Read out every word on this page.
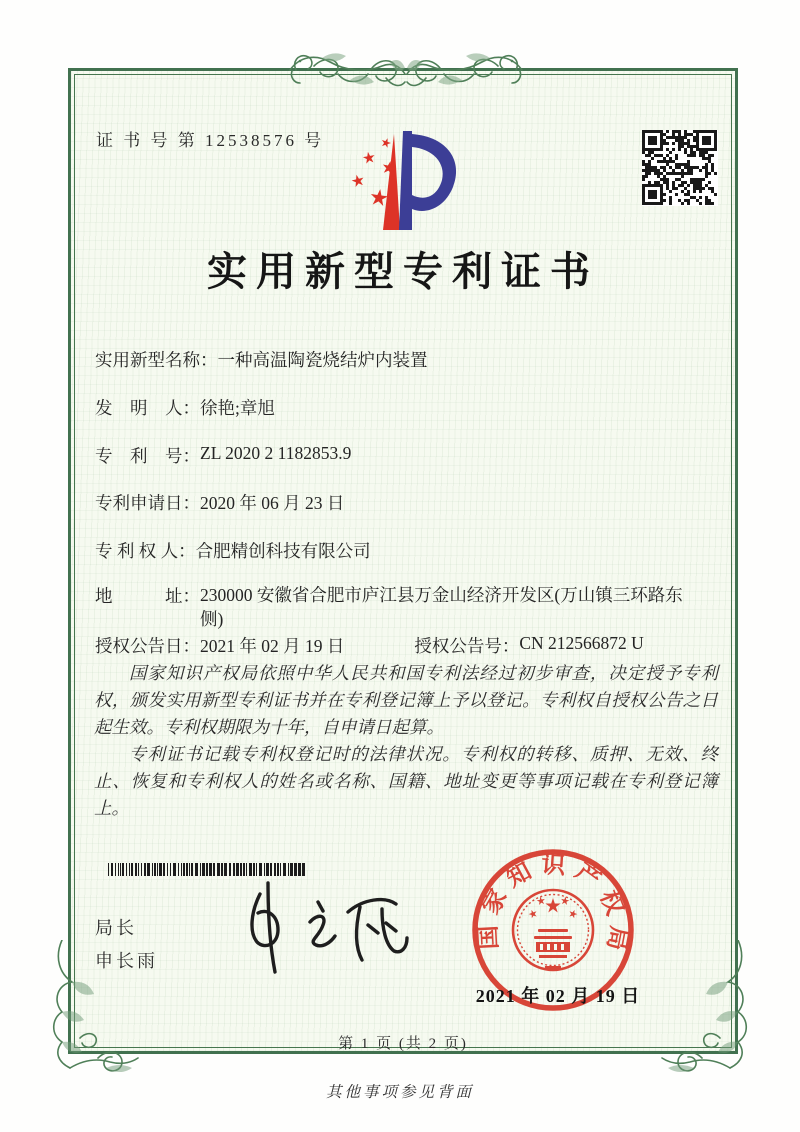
证 书 号 第 12538576 号
实用新型专利证书
实用新型名称： 一种高温陶瓷烧结炉内装置
发　明　人： 徐艳;章旭
专　利　号： ZL 2020 2 1182853.9
专利申请日： 2020 年 06 月 23 日
专 利 权 人： 合肥精创科技有限公司
地　　　址： 230000 安徽省合肥市庐江县万金山经济开发区(万山镇三环路东侧)
授权公告日： 2021 年 02 月 19 日	授权公告号： CN 212566872 U

国家知识产权局依照中华人民共和国专利法经过初步审查，决定授予专利权，颁发实用新型专利证书并在专利登记簿上予以登记。专利权自授权公告之日起生效。专利权期限为十年，自申请日起算。

专利证书记载专利权登记时的法律状况。专利权的转移、质押、无效、终止、恢复和专利权人的姓名或名称、国籍、地址变更等事项记载在专利登记簿上。

局长
申长雨
国家知识产权局
2021 年 02 月 19 日
第 1 页 (共 2 页)
其他事项参见背面
